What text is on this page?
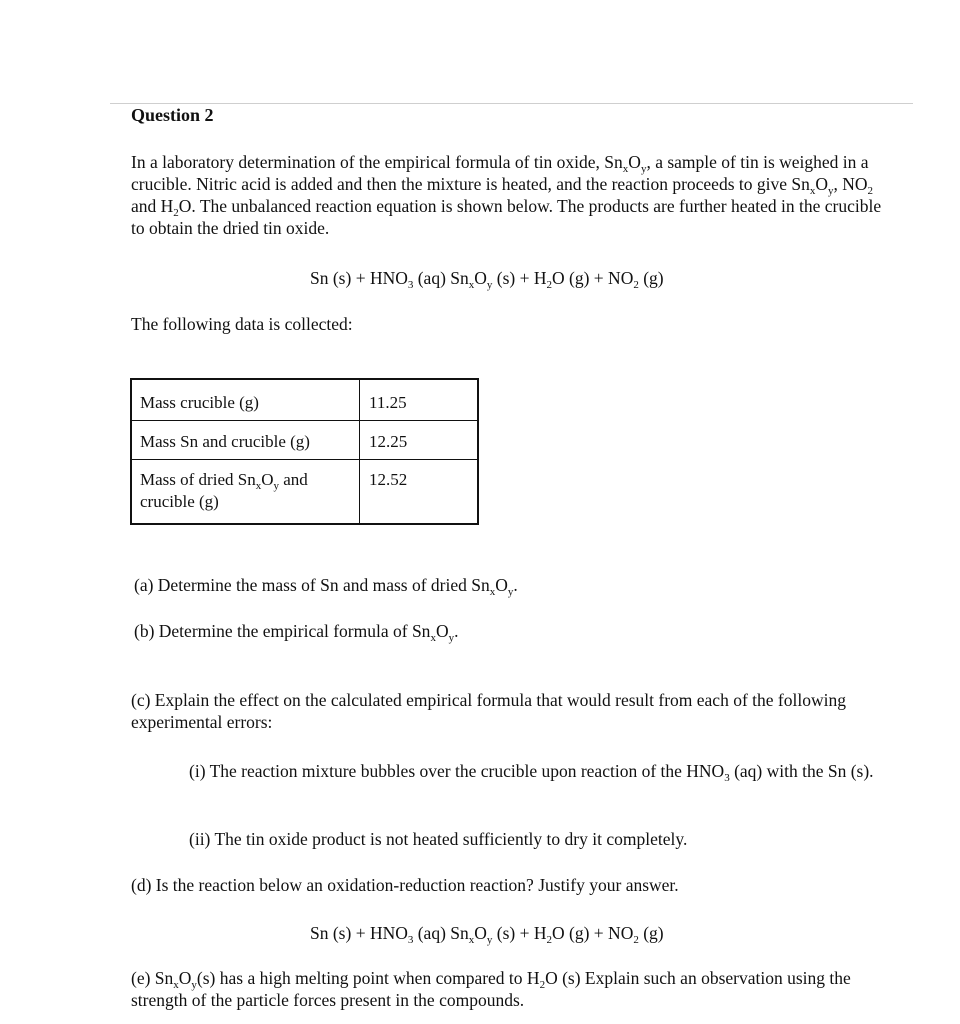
Question 2

In a laboratory determination of the empirical formula of tin oxide, $Sn_xO_y$, a sample of tin is weighed in a crucible. Nitric acid is added and then the mixture is heated, and the reaction proceeds to give $Sn_xO_y$, $NO_2$ and $H_2O$. The unbalanced reaction equation is shown below. The products are further heated in the crucible to obtain the dried tin oxide.

Sn $(s) + HNO_3$ (aq) $Sn_xO_y$ $(s) + H_2O$ $(g) + NO_2$ (g)
The following data is collected:
Mass crucible (g)	11.25
Mass Sn and crucible (g)	12.25
Mass of dried $Sn_xO_y$ and crucible (g)	12.52
(a) Determine the mass of Sn and mass of dried $Sn_xO_y$.
(b) Determine the empirical formula of $Sn_xO_y$.
(c) Explain the effect on the calculated empirical formula that would result from each of the following experimental errors:
(i) The reaction mixture bubbles over the crucible upon reaction of the $HNO_3$ (aq) with the Sn (s).
(ii) The tin oxide product is not heated sufficiently to dry it completely.
(d) Is the reaction below an oxidation-reduction reaction? Justify your answer.
Sn $(s) + HNO_3$ (aq) $Sn_xO_y$ $(s) + H_2O$ $(g) + NO_2$ (g)
(e) $Sn_xO_y(s)$ has a high melting point when compared to $H_2O$ (s) Explain such an observation using the strength of the particle forces present in the compounds.
